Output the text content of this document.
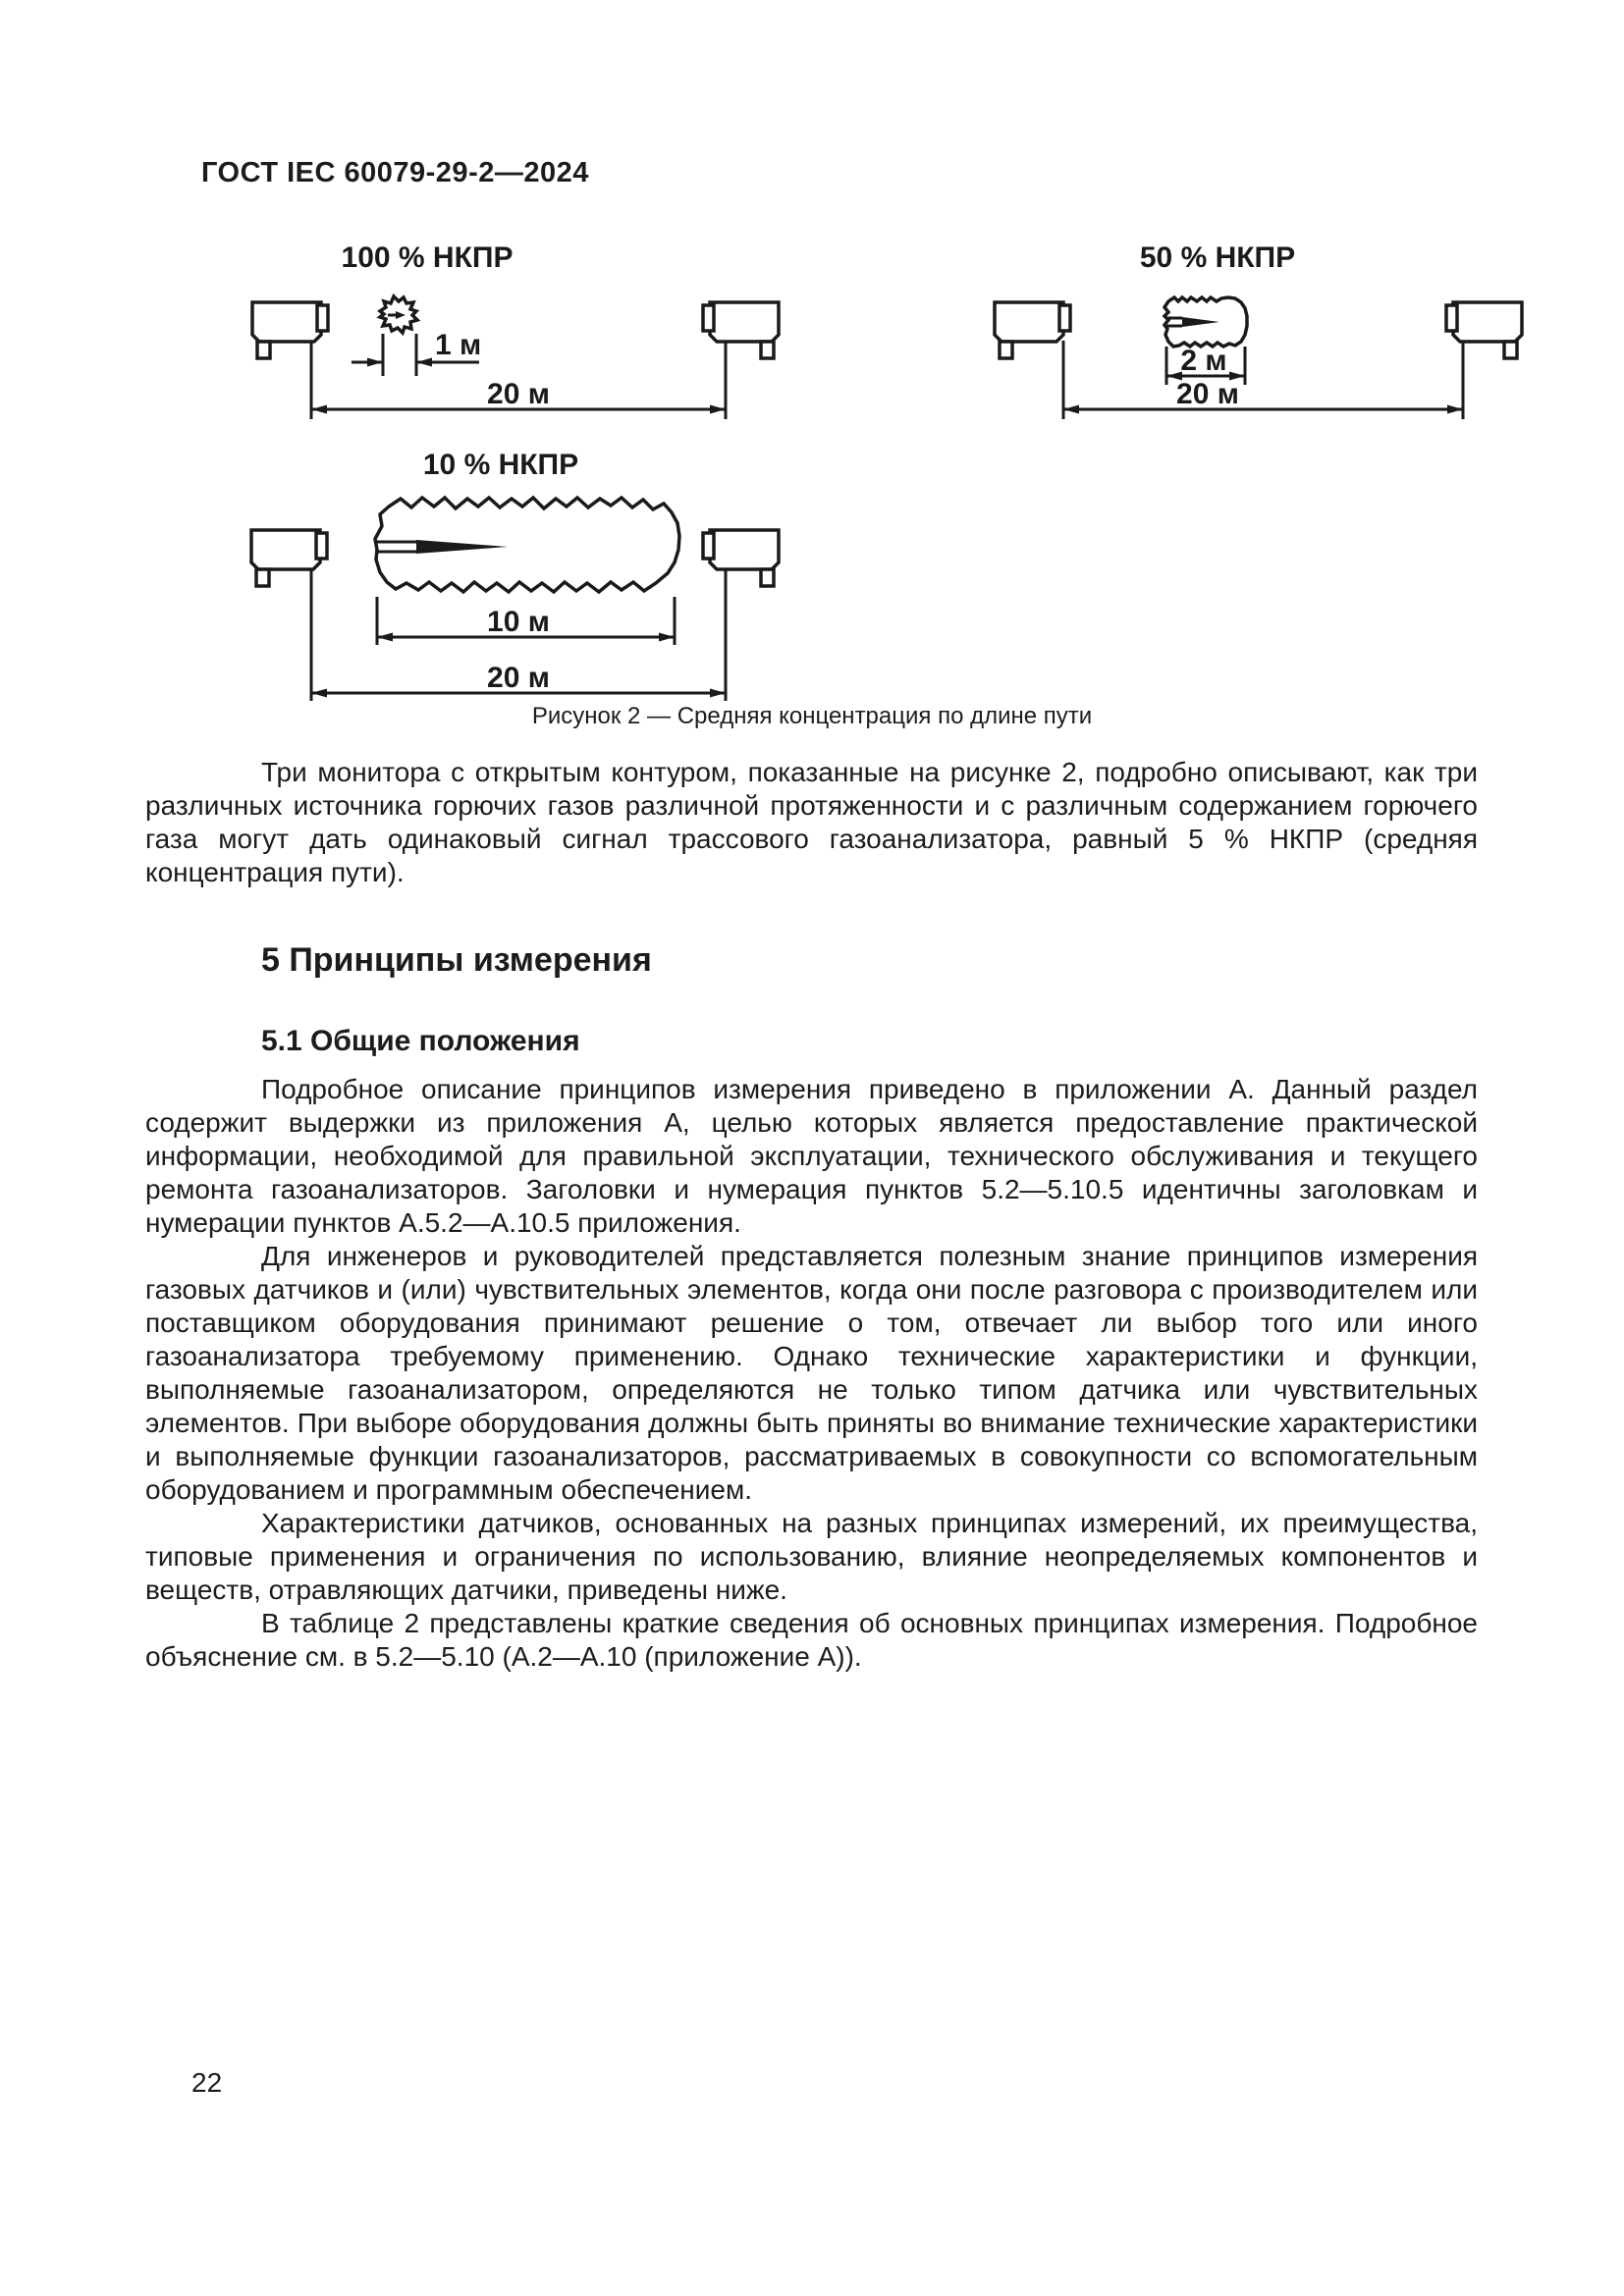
ГОСТ IEC 60079-29-2—2024
100 % НКПР
1 м
20 м
50 % НКПР
2 м
20 м
10 % НКПР
10 м
20 м
Рисунок 2 — Средняя концентрация по длине пути

Три монитора с открытым контуром, показанные на рисунке 2, подробно описывают, как три различных источника горючих газов различной протяженности и с различным содержанием горючего газа могут дать одинаковый сигнал трассового газоанализатора, равный 5 % НКПР (средняя концентрация пути).

5 Принципы измерения
5.1 Общие положения

Подробное описание принципов измерения приведено в приложении А. Данный раздел содержит выдержки из приложения А, целью которых является предоставление практической информации, необходимой для правильной эксплуатации, технического обслуживания и текущего ремонта газоанализаторов. Заголовки и нумерация пунктов 5.2—5.10.5 идентичны заголовкам и нумерации пунктов А.5.2—А.10.5 приложения.

Для инженеров и руководителей представляется полезным знание принципов измерения газовых датчиков и (или) чувствительных элементов, когда они после разговора с производителем или поставщиком оборудования принимают решение о том, отвечает ли выбор того или иного газоанализатора требуемому применению. Однако технические характеристики и функции, выполняемые газоанализатором, определяются не только типом датчика или чувствительных элементов. При выборе оборудования должны быть приняты во внимание технические характеристики и выполняемые функции газоанализаторов, рассматриваемых в совокупности со вспомогательным оборудованием и программным обеспечением.

Характеристики датчиков, основанных на разных принципах измерений, их преимущества, типовые применения и ограничения по использованию, влияние неопределяемых компонентов и веществ, отравляющих датчики, приведены ниже.

В таблице 2 представлены краткие сведения об основных принципах измерения. Подробное объяснение см. в 5.2—5.10 (А.2—А.10 (приложение А)).

22
